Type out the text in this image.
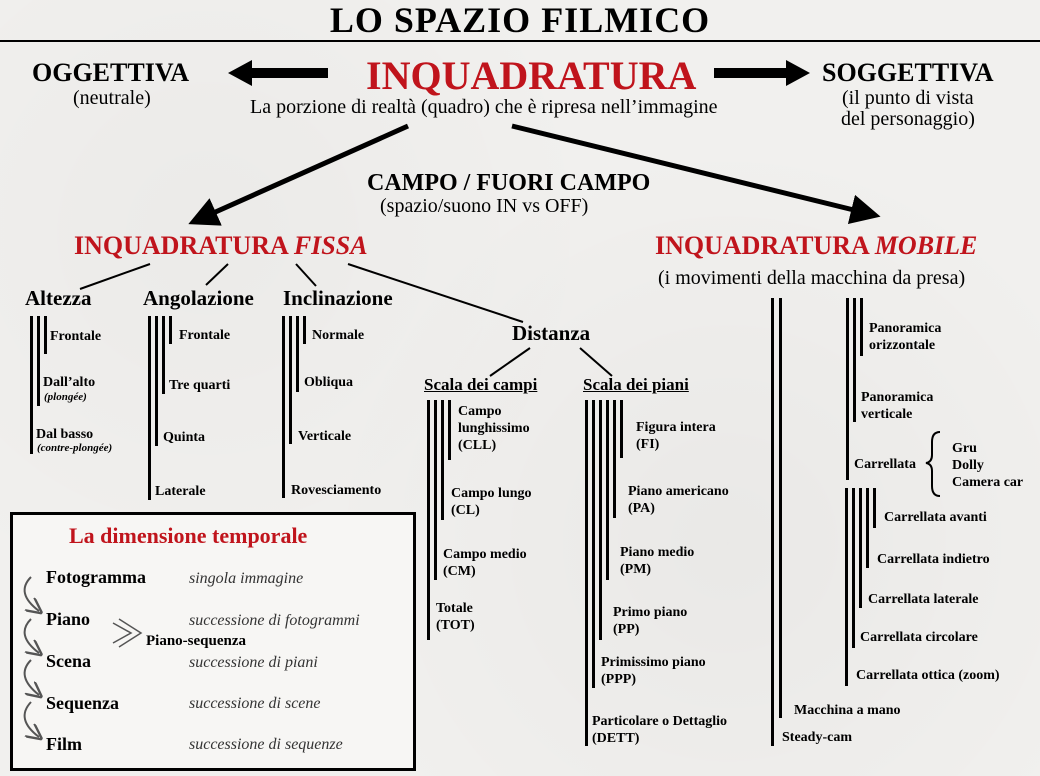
LO SPAZIO FILMICO
OGGETTIVA
(neutrale)	INQUADRATURA
La porzione di realtà (quadro) che è ripresa nell’immagine
SOGGETTIVA
(il punto di vista
del personaggio)
CAMPO / FUORI CAMPO
(spazio/suono IN vs OFF)
INQUADRATURA FISSA	INQUADRATURA MOBILE
(i movimenti della macchina da presa)
Altezza
Frontale
Dall’alto
(plongée)
Dal basso
(contre-plongée)
Angolazione
Frontale
Tre quarti
Quinta
Laterale
Inclinazione
Normale
Obliqua
Verticale
Rovesciamento
Distanza
Scala dei campi
Campo
lunghissimo
(CLL)
Campo lungo
(CL)
Campo medio
(CM)
Totale
(TOT)
Scala dei piani
Figura intera
(FI)
Piano americano
(PA)
Piano medio
(PM)
Primo piano
(PP)
Primissimo piano
(PPP)
Particolare o Dettaglio
(DETT)
Panoramica
orizzontale
Panoramica
verticale
Carrellata
Gru
Dolly
Camera car
Carrellata avanti
Carrellata indietro
Carrellata laterale
Carrellata circolare
Carrellata ottica (zoom)
Macchina a mano
Steady-cam
La dimensione temporale
Fotogramma	singola immagine
Piano	successione di fotogrammi
Piano-sequenza
Scena	successione di piani
Sequenza	successione di scene
Film	successione di sequenze
